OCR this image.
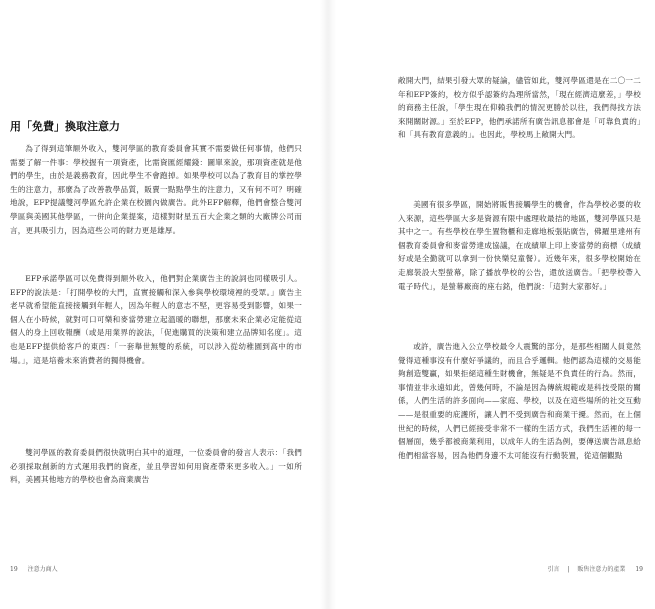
用「免費」換取注意力

為了得到這筆額外收入，雙河學區的教育委員會其實不需要做任何事情，他們只需要了解一件事：學校握有一項資產，比需資匯經耀錢：圖單來說，那項資產就是他們的學生，由於是義務教育，因此學生不會跑掉。如果學校可以為了教育目的掌控學生的注意力，那麼為了改善教學品質，販賣一點點學生的注意力，又有何不可？明確地說，EFP提議雙河學區允許企業在校園內做廣告。此外EFP解釋，他們會整合雙河學區與美國其他學區，一併向企業提案，這樣對財星五百大企業之類的大廠牌公司而言，更具吸引力，因為這些公司的財力更是雄厚。

EFP承諾學區可以免費得到額外收入，他們對企業廣告主的說詞也同樣吸引人。EFP的說法是：「打開學校的大門，直實接觸和深入參與學校環境裡的受眾。」廣告主老早就希望能直接接觸到年輕人，因為年輕人的意志不堅，更容易受到影響，如果一個人在小時候，就對可口可樂和麥當勞建立起溫暖的聯想，那麼未來企業必定能從這個人的身上回收報酬（或是用業界的說法，「促進購買的決策和建立品牌知名度」。這也是EFP提供給客戶的東西：「一套舉世無雙的系統，可以涉入從幼稚園到高中的市場。」，這是培養未來消費者的獨得機會。

雙河學區的教育委員們很快就明白其中的道理，一位委員會的發言人表示：「我們必須採取創新的方式運用我們的資產，並且學習如何用資產帶來更多收入。」一如所料，美國其他地方的學校也會為商業廣告

19 注意力商人

敞開大門，結果引發大眾的疑論，儘管如此，雙河學區還是在二〇一二年和EFP簽約，校方似乎認簽約為理所當然，「現在經濟這麼差，」學校的商務主任說，「學生現在仰賴我們的情況更勝於以往，我們得找方法來開關財源。」至於EFP，他們承諾所有廣告訊息都會是「可靠負責的」和「具有教育意義的」。也因此，學校馬上敞開大門。

美國有很多學區，開始將販售接觸學生的機會，作為學校必要的收入來源，這些學區大多是資源有限中處理收最拮的地區，雙河學區只是其中之一。有些學校在學生置物櫃和走廊地板張貼廣告，佛羅里達州有個教育委員會和麥當勞達成協議，在成績單上印上麥當勞的商標（成績好或是全勤就可以拿到一份快樂兒童餐）。近幾年來，很多學校開始在走廊裝設大型螢幕，除了播放學校的公告，還放送廣告。「把學校帶入電子時代」，是螢幕廠商的座右銘，他們說：「這對大家都好。」

或許，廣告進入公立學校最令人震驚的部分，是那些相關人員竟然覺得這種事沒有什麼好爭議的，而且合乎邏輯。他們認為這樣的交易能夠創造雙贏，如果拒絕這種生財機會，無疑是不負責任的行為。然而，事情並非永遠如此，曾幾何時，不論是因為傳統規範或是科技受限的關係，人們生活的許多面向——家庭、學校，以及在這些場所的社交互動——是很重要的庇護所，讓人們不受到廣告和商業干擾。然而，在上個世紀的時候，人們已經接受非常不一樣的生活方式，我們生活裡的每一個層面，幾乎都被商業利用，以成年人的生活為例，要傳送廣告訊息給他們相當容易，因為他們身邊不太可能沒有行動裝置，從這個觀點

引言 | 販售注意力的產業 19
